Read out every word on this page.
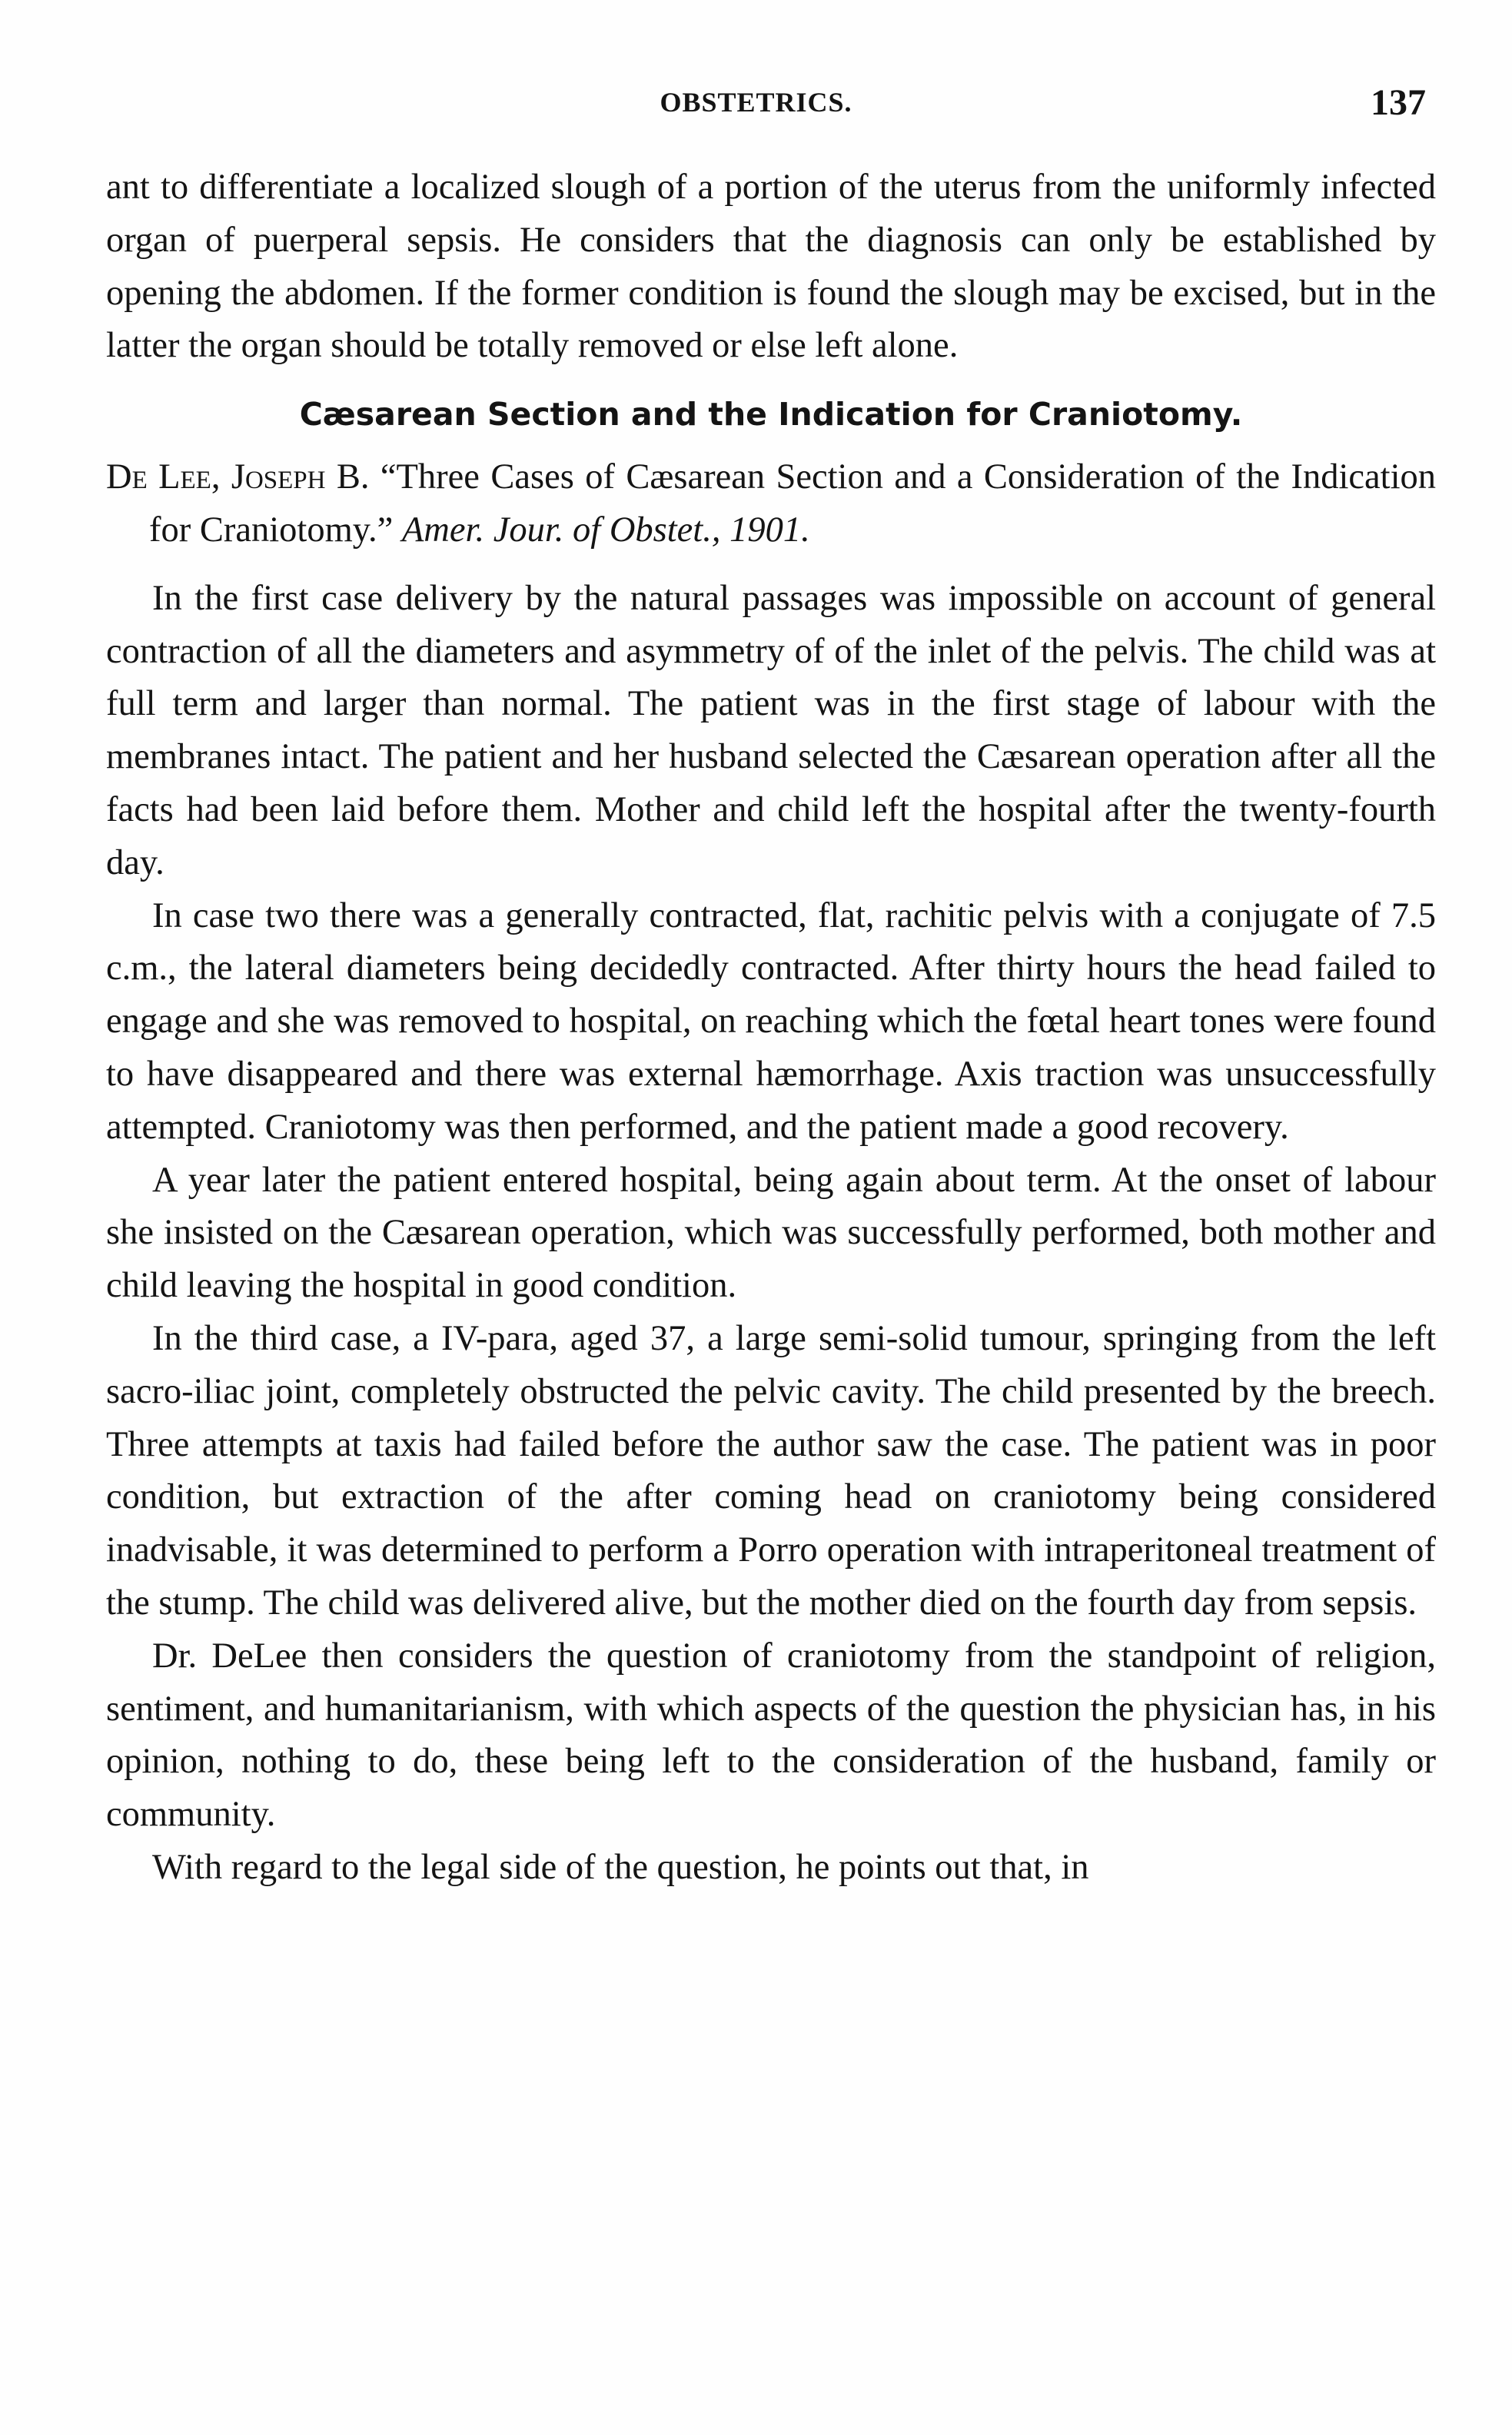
OBSTETRICS.	137

ant to differentiate a localized slough of a portion of the uterus from the uniformly infected organ of puerperal sepsis. He considers that the diagnosis can only be established by opening the abdomen. If the former condition is found the slough may be excised, but in the latter the organ should be totally removed or else left alone.

Cæsarean Section and the Indication for Craniotomy.

De Lee, Joseph B. “Three Cases of Cæsarean Section and a Consideration of the Indication for Craniotomy.” Amer. Jour. of Obstet., 1901.

In the first case delivery by the natural passages was impossible on account of general contraction of all the diameters and asymmetry of of the inlet of the pelvis. The child was at full term and larger than normal. The patient was in the first stage of labour with the membranes intact. The patient and her husband selected the Cæsarean operation after all the facts had been laid before them. Mother and child left the hospital after the twenty-fourth day.

In case two there was a generally contracted, flat, rachitic pelvis with a conjugate of 7.5 c.m., the lateral diameters being decidedly contracted. After thirty hours the head failed to engage and she was removed to hospital, on reaching which the fœtal heart tones were found to have disappeared and there was external hæmorrhage. Axis traction was unsuccessfully attempted. Craniotomy was then performed, and the patient made a good recovery.

A year later the patient entered hospital, being again about term. At the onset of labour she insisted on the Cæsarean operation, which was successfully performed, both mother and child leaving the hospital in good condition.

In the third case, a IV-para, aged 37, a large semi-solid tumour, springing from the left sacro-iliac joint, completely obstructed the pelvic cavity. The child presented by the breech. Three attempts at taxis had failed before the author saw the case. The patient was in poor condition, but extraction of the after coming head on craniotomy being considered inadvisable, it was determined to perform a Porro operation with intraperitoneal treatment of the stump. The child was delivered alive, but the mother died on the fourth day from sepsis.

Dr. DeLee then considers the question of craniotomy from the standpoint of religion, sentiment, and humanitarianism, with which aspects of the question the physician has, in his opinion, nothing to do, these being left to the consideration of the husband, family or community.

With regard to the legal side of the question, he points out that, in
